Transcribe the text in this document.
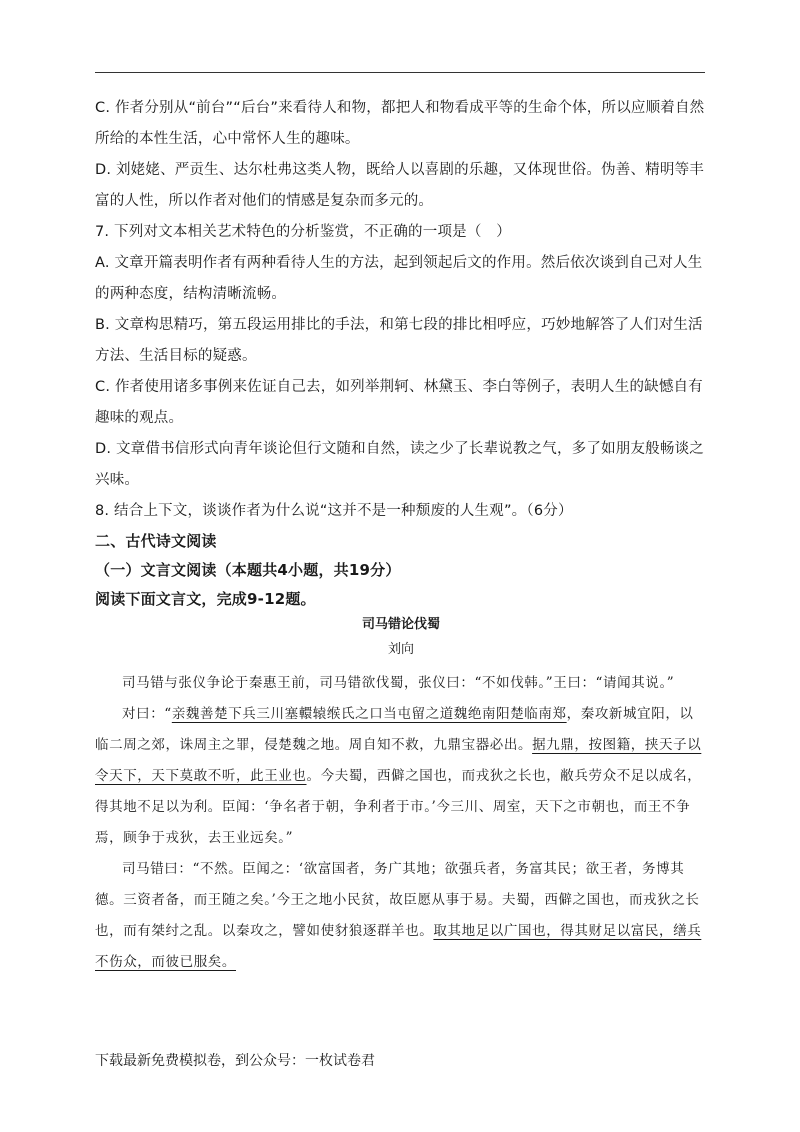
C. 作者分别从“前台”“后台”来看待人和物，都把人和物看成平等的生命个体，所以应顺着自然所给的本性生活，心中常怀人生的趣味。

D. 刘姥姥、严贡生、达尔杜弗这类人物，既给人以喜剧的乐趣，又体现世俗。伪善、精明等丰富的人性，所以作者对他们的情感是复杂而多元的。

7. 下列对文本相关艺术特色的分析鉴赏，不正确的一项是（　）

A. 文章开篇表明作者有两种看待人生的方法，起到领起后文的作用。然后依次谈到自己对人生的两种态度，结构清晰流畅。

B. 文章构思精巧，第五段运用排比的手法，和第七段的排比相呼应，巧妙地解答了人们对生活方法、生活目标的疑惑。

C. 作者使用诸多事例来佐证自己去，如列举荆轲、林黛玉、李白等例子，表明人生的缺憾自有趣味的观点。

D. 文章借书信形式向青年谈论但行文随和自然，读之少了长辈说教之气，多了如朋友般畅谈之兴味。

8. 结合上下文，谈谈作者为什么说“这并不是一种颓废的人生观”。（6分）

二、古代诗文阅读

（一）文言文阅读（本题共4小题，共19分）

阅读下面文言文，完成9-12题。

司马错论伐蜀

刘向

司马错与张仪争论于秦惠王前，司马错欲伐蜀，张仪曰：“不如伐韩。”王曰：“请闻其说。”

对曰：“亲魏善楚下兵三川塞轘辕缑氏之口当屯留之道魏绝南阳楚临南郑，秦攻新城宜阳，以临二周之郊，诛周主之罪，侵楚魏之地。周自知不救，九鼎宝器必出。据九鼎，按图籍，挟天子以令天下，天下莫敢不听，此王业也。今夫蜀，西僻之国也，而戎狄之长也，敝兵劳众不足以成名，得其地不足以为利。臣闻：‘争名者于朝，争利者于市。’今三川、周室，天下之市朝也，而王不争焉，顾争于戎狄，去王业远矣。”

司马错曰：“不然。臣闻之：‘欲富国者，务广其地；欲强兵者，务富其民；欲王者，务博其德。三资者备，而王随之矣。’今王之地小民贫，故臣愿从事于易。夫蜀，西僻之国也，而戎狄之长也，而有桀纣之乱。以秦攻之，譬如使豺狼逐群羊也。取其地足以广国也，得其财足以富民，缮兵不伤众，而彼已服矣。

下载最新免费模拟卷，到公众号：一枚试卷君
